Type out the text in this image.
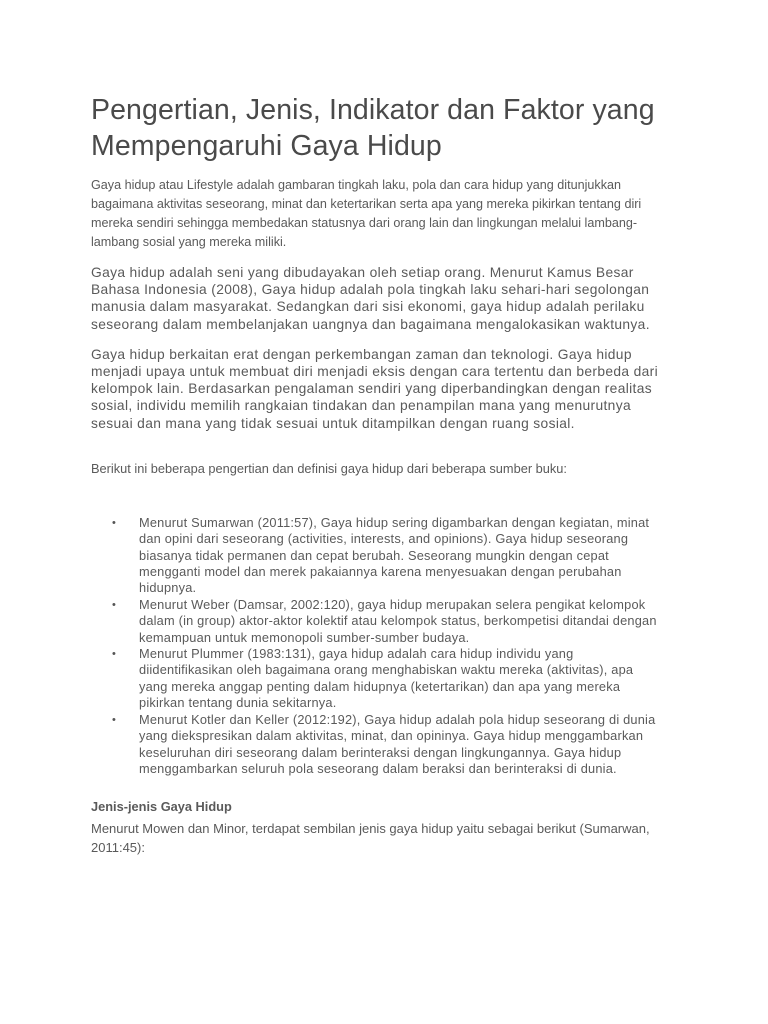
Pengertian, Jenis, Indikator dan Faktor yang Mempengaruhi Gaya Hidup

Gaya hidup atau Lifestyle adalah gambaran tingkah laku, pola dan cara hidup yang ditunjukkan bagaimana aktivitas seseorang, minat dan ketertarikan serta apa yang mereka pikirkan tentang diri mereka sendiri sehingga membedakan statusnya dari orang lain dan lingkungan melalui lambang-lambang sosial yang mereka miliki.

Gaya hidup adalah seni yang dibudayakan oleh setiap orang. Menurut Kamus Besar Bahasa Indonesia (2008), Gaya hidup adalah pola tingkah laku sehari-hari segolongan manusia dalam masyarakat. Sedangkan dari sisi ekonomi, gaya hidup adalah perilaku seseorang dalam membelanjakan uangnya dan bagaimana mengalokasikan waktunya.

Gaya hidup berkaitan erat dengan perkembangan zaman dan teknologi. Gaya hidup menjadi upaya untuk membuat diri menjadi eksis dengan cara tertentu dan berbeda dari kelompok lain. Berdasarkan pengalaman sendiri yang diperbandingkan dengan realitas sosial, individu memilih rangkaian tindakan dan penampilan mana yang menurutnya sesuai dan mana yang tidak sesuai untuk ditampilkan dengan ruang sosial.

Berikut ini beberapa pengertian dan definisi gaya hidup dari beberapa sumber buku:

• Menurut Sumarwan (2011:57), Gaya hidup sering digambarkan dengan kegiatan, minat dan opini dari seseorang (activities, interests, and opinions). Gaya hidup seseorang biasanya tidak permanen dan cepat berubah. Seseorang mungkin dengan cepat mengganti model dan merek pakaiannya karena menyesuakan dengan perubahan hidupnya.
• Menurut Weber (Damsar, 2002:120), gaya hidup merupakan selera pengikat kelompok dalam (in group) aktor-aktor kolektif atau kelompok status, berkompetisi ditandai dengan kemampuan untuk memonopoli sumber-sumber budaya.
• Menurut Plummer (1983:131), gaya hidup adalah cara hidup individu yang diidentifikasikan oleh bagaimana orang menghabiskan waktu mereka (aktivitas), apa yang mereka anggap penting dalam hidupnya (ketertarikan) dan apa yang mereka pikirkan tentang dunia sekitarnya.
• Menurut Kotler dan Keller (2012:192), Gaya hidup adalah pola hidup seseorang di dunia yang diekspresikan dalam aktivitas, minat, dan opininya. Gaya hidup menggambarkan keseluruhan diri seseorang dalam berinteraksi dengan lingkungannya. Gaya hidup menggambarkan seluruh pola seseorang dalam beraksi dan berinteraksi di dunia.
Jenis-jenis Gaya Hidup

Menurut Mowen dan Minor, terdapat sembilan jenis gaya hidup yaitu sebagai berikut (Sumarwan, 2011:45):
